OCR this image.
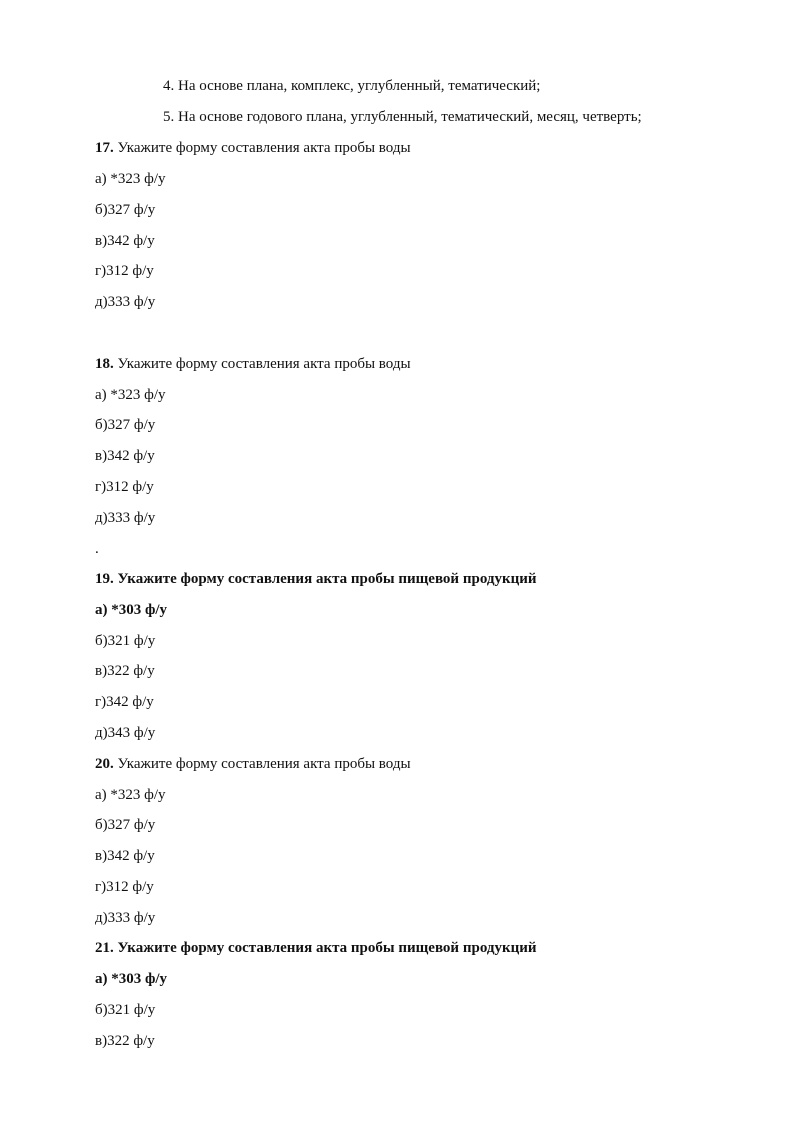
4. На основе плана, комплекс, углубленный, тематический;
5. На основе годового плана, углубленный, тематический, месяц, четверть;
17. Укажите форму составления акта пробы воды
а) *323 ф/у
б)327 ф/у
в)342 ф/у
г)312 ф/у
д)333 ф/у
18. Укажите форму составления акта пробы воды
а) *323 ф/у
б)327 ф/у
в)342 ф/у
г)312 ф/у
д)333 ф/у
.
19. Укажите форму составления акта пробы пищевой продукций
а) *303 ф/у
б)321 ф/у
в)322 ф/у
г)342 ф/у
д)343 ф/у
20. Укажите форму составления акта пробы воды
а) *323 ф/у
б)327 ф/у
в)342 ф/у
г)312 ф/у
д)333 ф/у
21. Укажите форму составления акта пробы пищевой продукций
а) *303 ф/у
б)321 ф/у
в)322 ф/у
